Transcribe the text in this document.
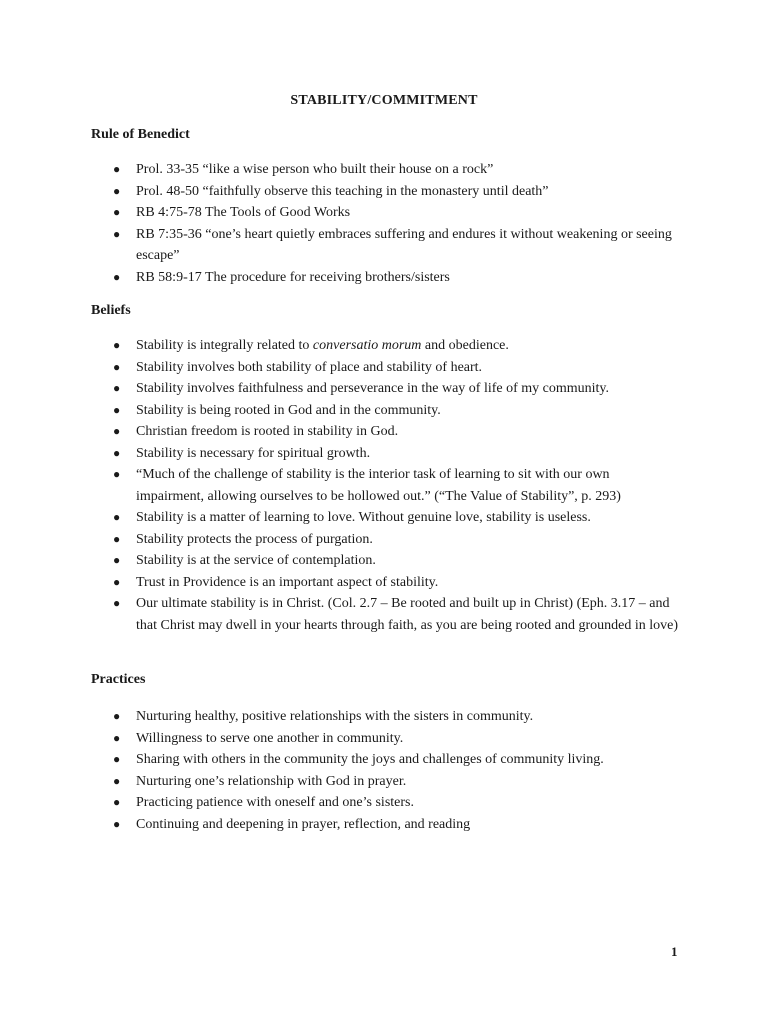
STABILITY/COMMITMENT
Rule of Benedict
● Prol. 33-35 “like a wise person who built their house on a rock”
● Prol. 48-50 “faithfully observe this teaching in the monastery until death”
● RB 4:75-78 The Tools of Good Works
● RB 7:35-36 “one’s heart quietly embraces suffering and endures it without weakening or seeing escape”
● RB 58:9-17 The procedure for receiving brothers/sisters
Beliefs
● Stability is integrally related to conversatio morum and obedience.
● Stability involves both stability of place and stability of heart.
● Stability involves faithfulness and perseverance in the way of life of my community.
● Stability is being rooted in God and in the community.
● Christian freedom is rooted in stability in God.
● Stability is necessary for spiritual growth.
● “Much of the challenge of stability is the interior task of learning to sit with our own impairment, allowing ourselves to be hollowed out.” (“The Value of Stability”, p. 293)
● Stability is a matter of learning to love. Without genuine love, stability is useless.
● Stability protects the process of purgation.
● Stability is at the service of contemplation.
● Trust in Providence is an important aspect of stability.
● Our ultimate stability is in Christ. (Col. 2.7 – Be rooted and built up in Christ) (Eph. 3.17 – and that Christ may dwell in your hearts through faith, as you are being rooted and grounded in love)
Practices
● Nurturing healthy, positive relationships with the sisters in community.
● Willingness to serve one another in community.
● Sharing with others in the community the joys and challenges of community living.
● Nurturing one’s relationship with God in prayer.
● Practicing patience with oneself and one’s sisters.
● Continuing and deepening in prayer, reflection, and reading
1
